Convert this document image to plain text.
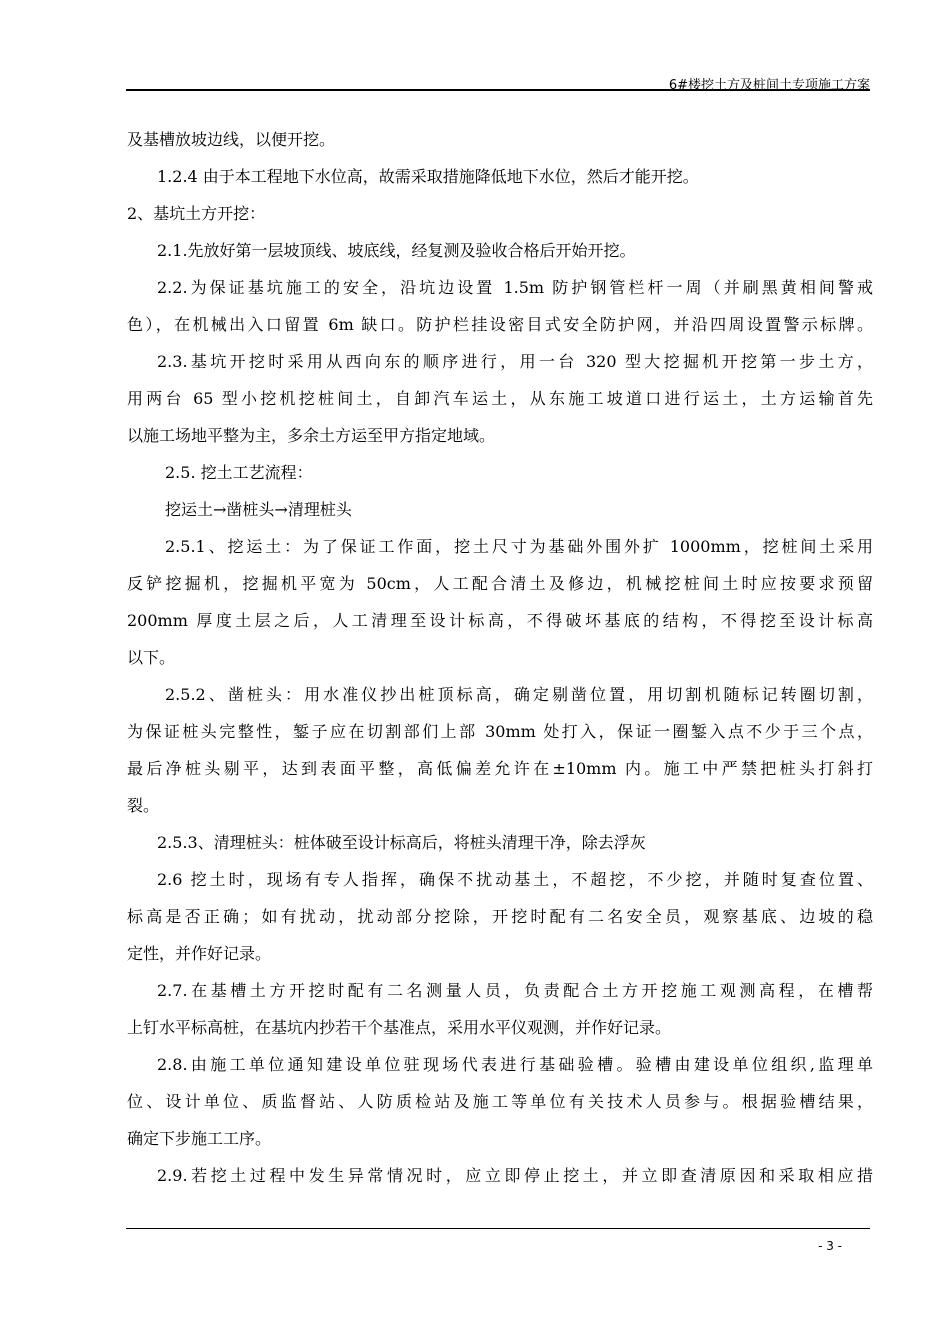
6#楼挖土方及桩间土专项施工方案
及基槽放坡边线，以便开挖。
1.2.4 由于本工程地下水位高，故需采取措施降低地下水位，然后才能开挖。
2、基坑土方开挖：
2.1.先放好第一层坡顶线、坡底线，经复测及验收合格后开始开挖。
2.2.为保证基坑施工的安全，沿坑边设置 1.5m 防护钢管栏杆一周（并刷黑黄相间警戒
色），在机械出入口留置 6m 缺口。防护栏挂设密目式安全防护网，并沿四周设置警示标牌。
2.3.基坑开挖时采用从西向东的顺序进行，用一台 320 型大挖掘机开挖第一步土方，
用两台 65 型小挖机挖桩间土，自卸汽车运土，从东施工坡道口进行运土，土方运输首先
以施工场地平整为主，多余土方运至甲方指定地域。
2.5. 挖土工艺流程：
挖运土→凿桩头→清理桩头
2.5.1、挖运土：为了保证工作面，挖土尺寸为基础外围外扩 1000mm，挖桩间土采用
反铲挖掘机，挖掘机平宽为 50cm，人工配合清土及修边，机械挖桩间土时应按要求预留
200mm 厚度土层之后，人工清理至设计标高，不得破坏基底的结构，不得挖至设计标高
以下。
2.5.2、凿桩头：用水准仪抄出桩顶标高，确定剔凿位置，用切割机随标记转圈切割，
为保证桩头完整性，錾子应在切割部们上部 30mm 处打入，保证一圈錾入点不少于三个点，
最后净桩头剔平，达到表面平整，高低偏差允许在±10mm 内。施工中严禁把桩头打斜打
裂。
2.5.3、清理桩头：桩体破至设计标高后，将桩头清理干净，除去浮灰
2.6 挖土时，现场有专人指挥，确保不扰动基土，不超挖，不少挖，并随时复查位置、
标高是否正确；如有扰动，扰动部分挖除，开挖时配有二名安全员，观察基底、边坡的稳
定性，并作好记录。
2.7.在基槽土方开挖时配有二名测量人员，负责配合土方开挖施工观测高程，在槽帮
上钉水平标高桩，在基坑内抄若干个基准点，采用水平仪观测，并作好记录。
2.8.由施工单位通知建设单位驻现场代表进行基础验槽。验槽由建设单位组织,监理单
位、设计单位、质监督站、人防质检站及施工等单位有关技术人员参与。根据验槽结果，
确定下步施工工序。
2.9.若挖土过程中发生异常情况时，应立即停止挖土，并立即查清原因和采取相应措
- 3 -
